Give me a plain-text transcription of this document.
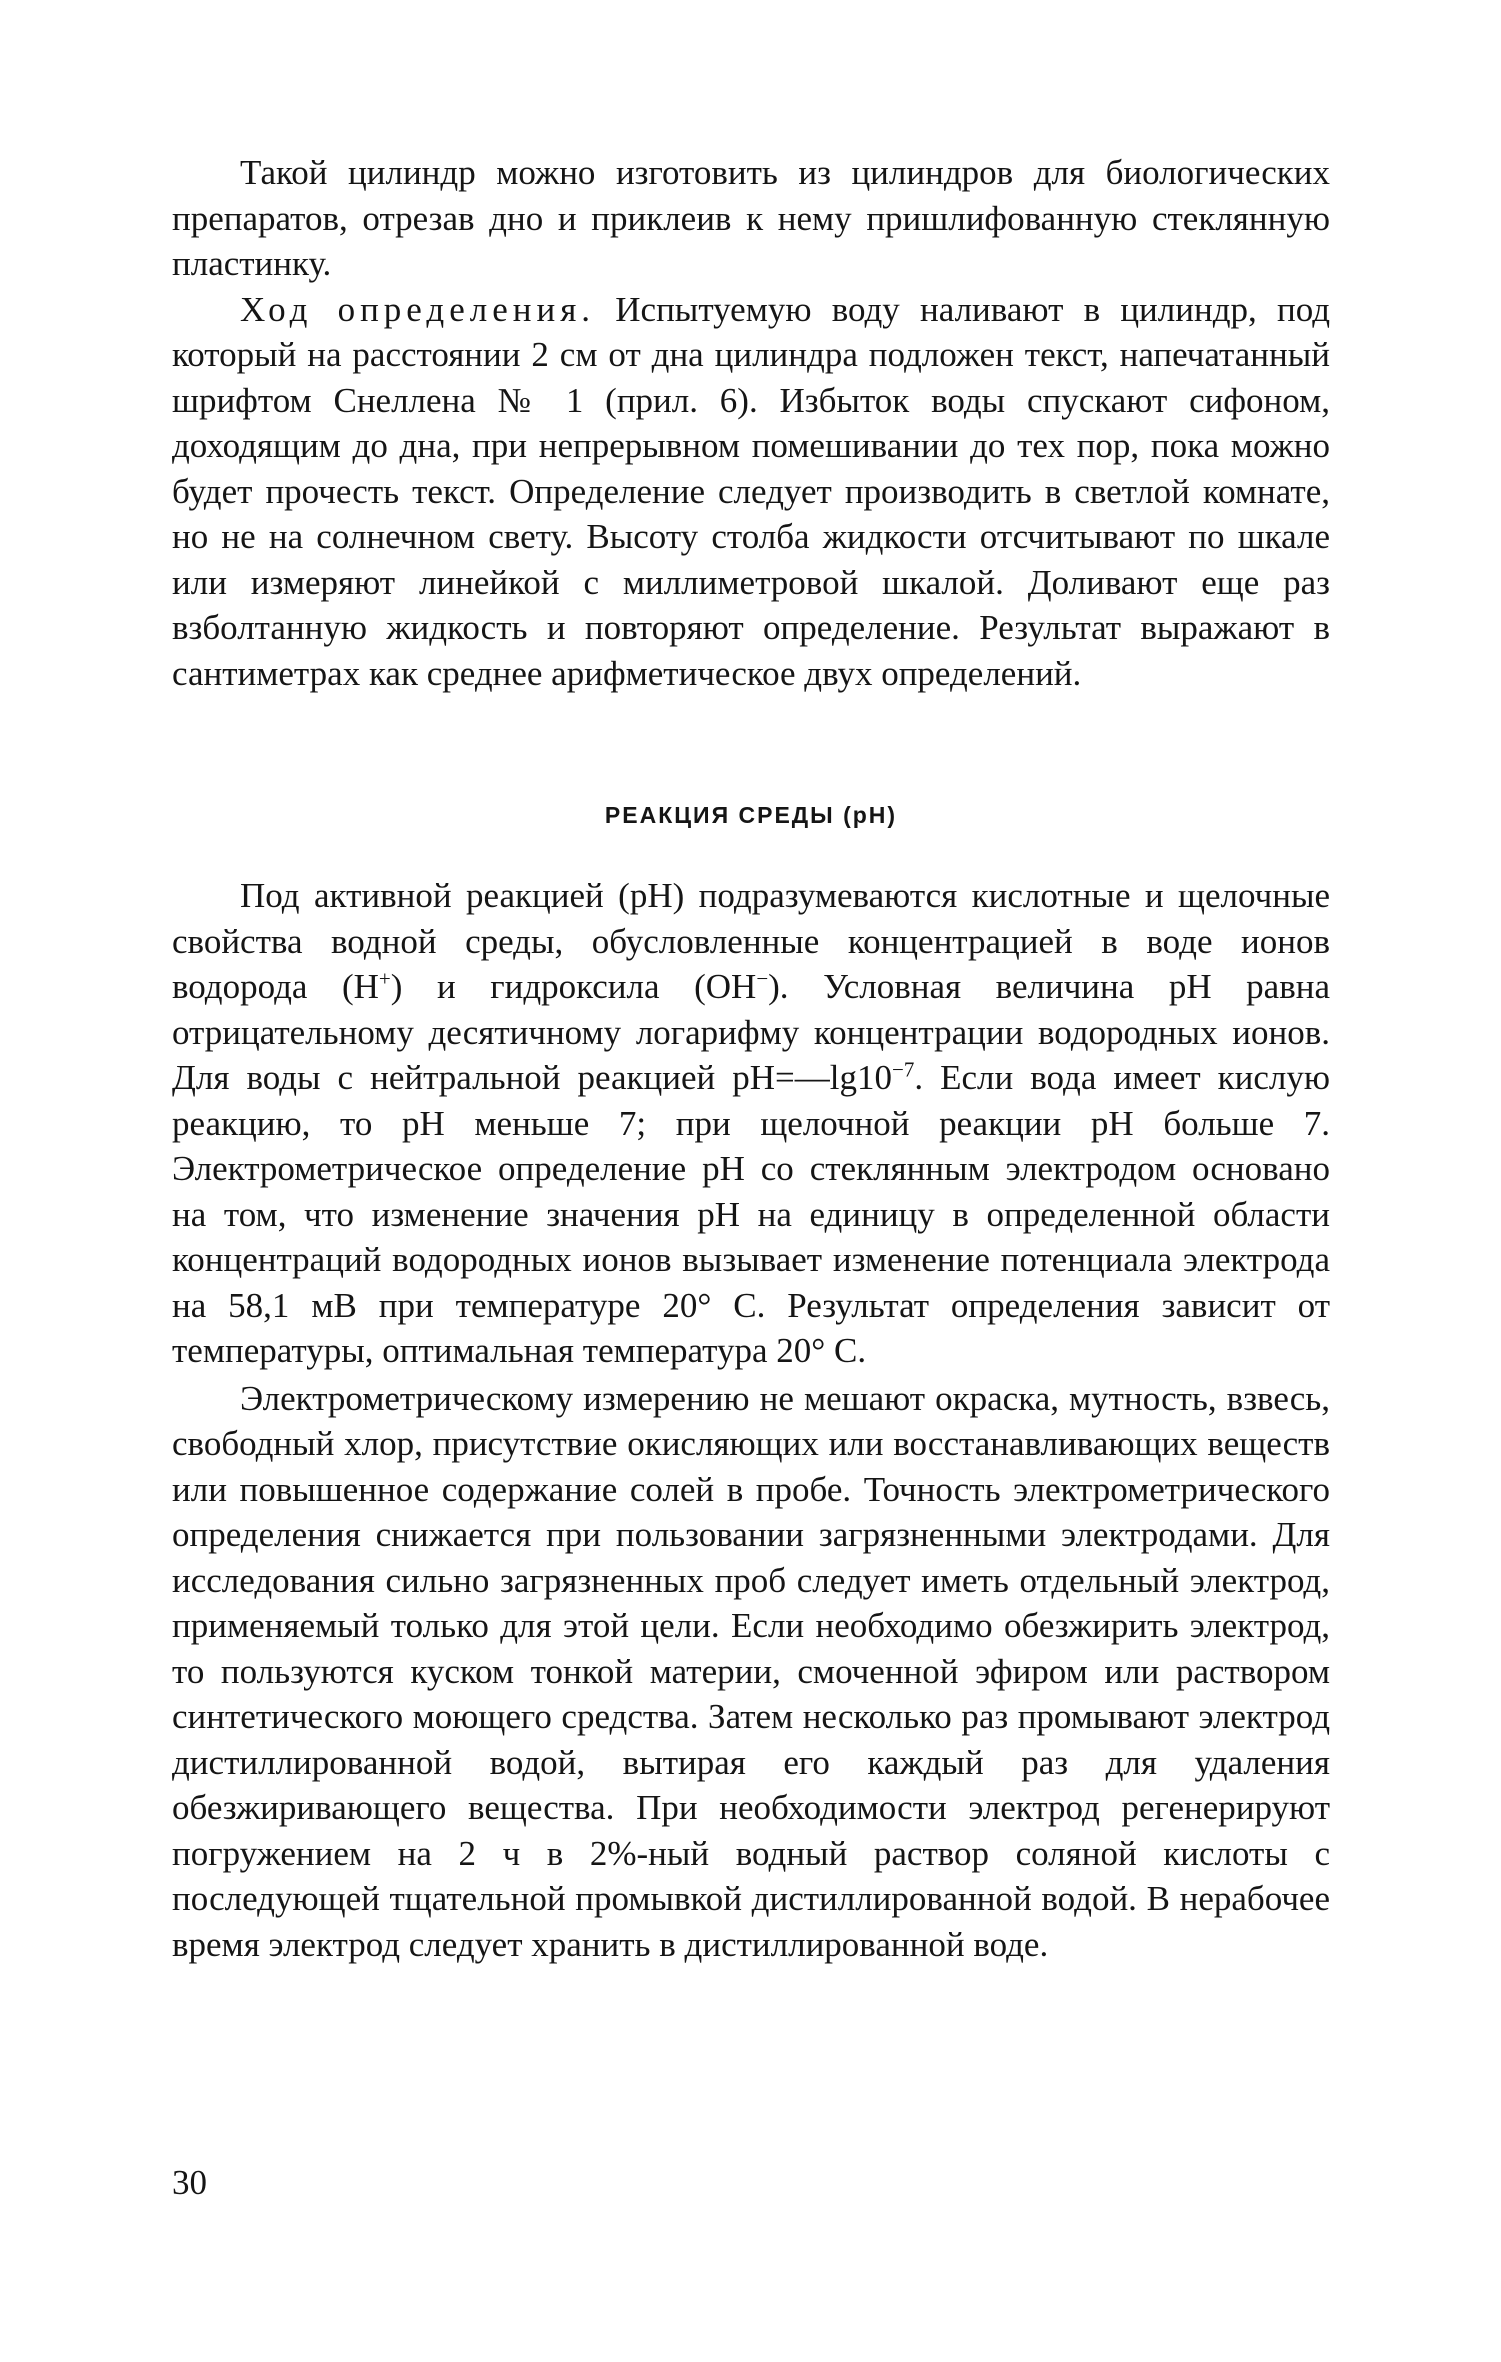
Такой цилиндр можно изготовить из цилиндров для биологических препаратов, отрезав дно и приклеив к нему пришлифованную стеклянную пластинку.

Ход определения. Испытуемую воду наливают в цилиндр, под который на расстоянии 2 см от дна цилиндра подложен текст, напечатанный шрифтом Снеллена № 1 (прил. 6). Избыток воды спускают сифоном, доходящим до дна, при непрерывном помешивании до тех пор, пока можно будет прочесть текст. Определение следует производить в светлой комнате, но не на солнечном свету. Высоту столба жидкости отсчитывают по шкале или измеряют линейкой с миллиметровой шкалой. Доливают еще раз взболтанную жидкость и повторяют определение. Результат выражают в сантиметрах как среднее арифметическое двух определений.

РЕАКЦИЯ СРЕДЫ (pH)

Под активной реакцией (pH) подразумеваются кислотные и щелочные свойства водной среды, обусловленные концентрацией в воде ионов водорода (H+) и гидроксила (OH−). Условная величина pH равна отрицательному десятичному логарифму концентрации водородных ионов. Для воды с нейтральной реакцией $pH=—\lg 10^{-7}$. Если вода имеет кислую реакцию, то pH меньше 7; при щелочной реакции pH больше 7. Электрометрическое определение pH со стеклянным электродом основано на том, что изменение значения pH на единицу в определенной области концентраций водородных ионов вызывает изменение потенциала электрода на 58,1 мВ при температуре 20° С. Результат определения зависит от температуры, оптимальная температура 20° С.

Электрометрическому измерению не мешают окраска, мутность, взвесь, свободный хлор, присутствие окисляющих или восстанавливающих веществ или повышенное содержание солей в пробе. Точность электрометрического определения снижается при пользовании загрязненными электродами. Для исследования сильно загрязненных проб следует иметь отдельный электрод, применяемый только для этой цели. Если необходимо обезжирить электрод, то пользуются куском тонкой материи, смоченной эфиром или раствором синтетического моющего средства. Затем несколько раз промывают электрод дистиллированной водой, вытирая его каждый раз для удаления обезжиривающего вещества. При необходимости электрод регенерируют погружением на 2 ч в 2%-ный водный раствор соляной кислоты с последующей тщательной промывкой дистиллированной водой. В нерабочее время электрод следует хранить в дистиллированной воде.

30
